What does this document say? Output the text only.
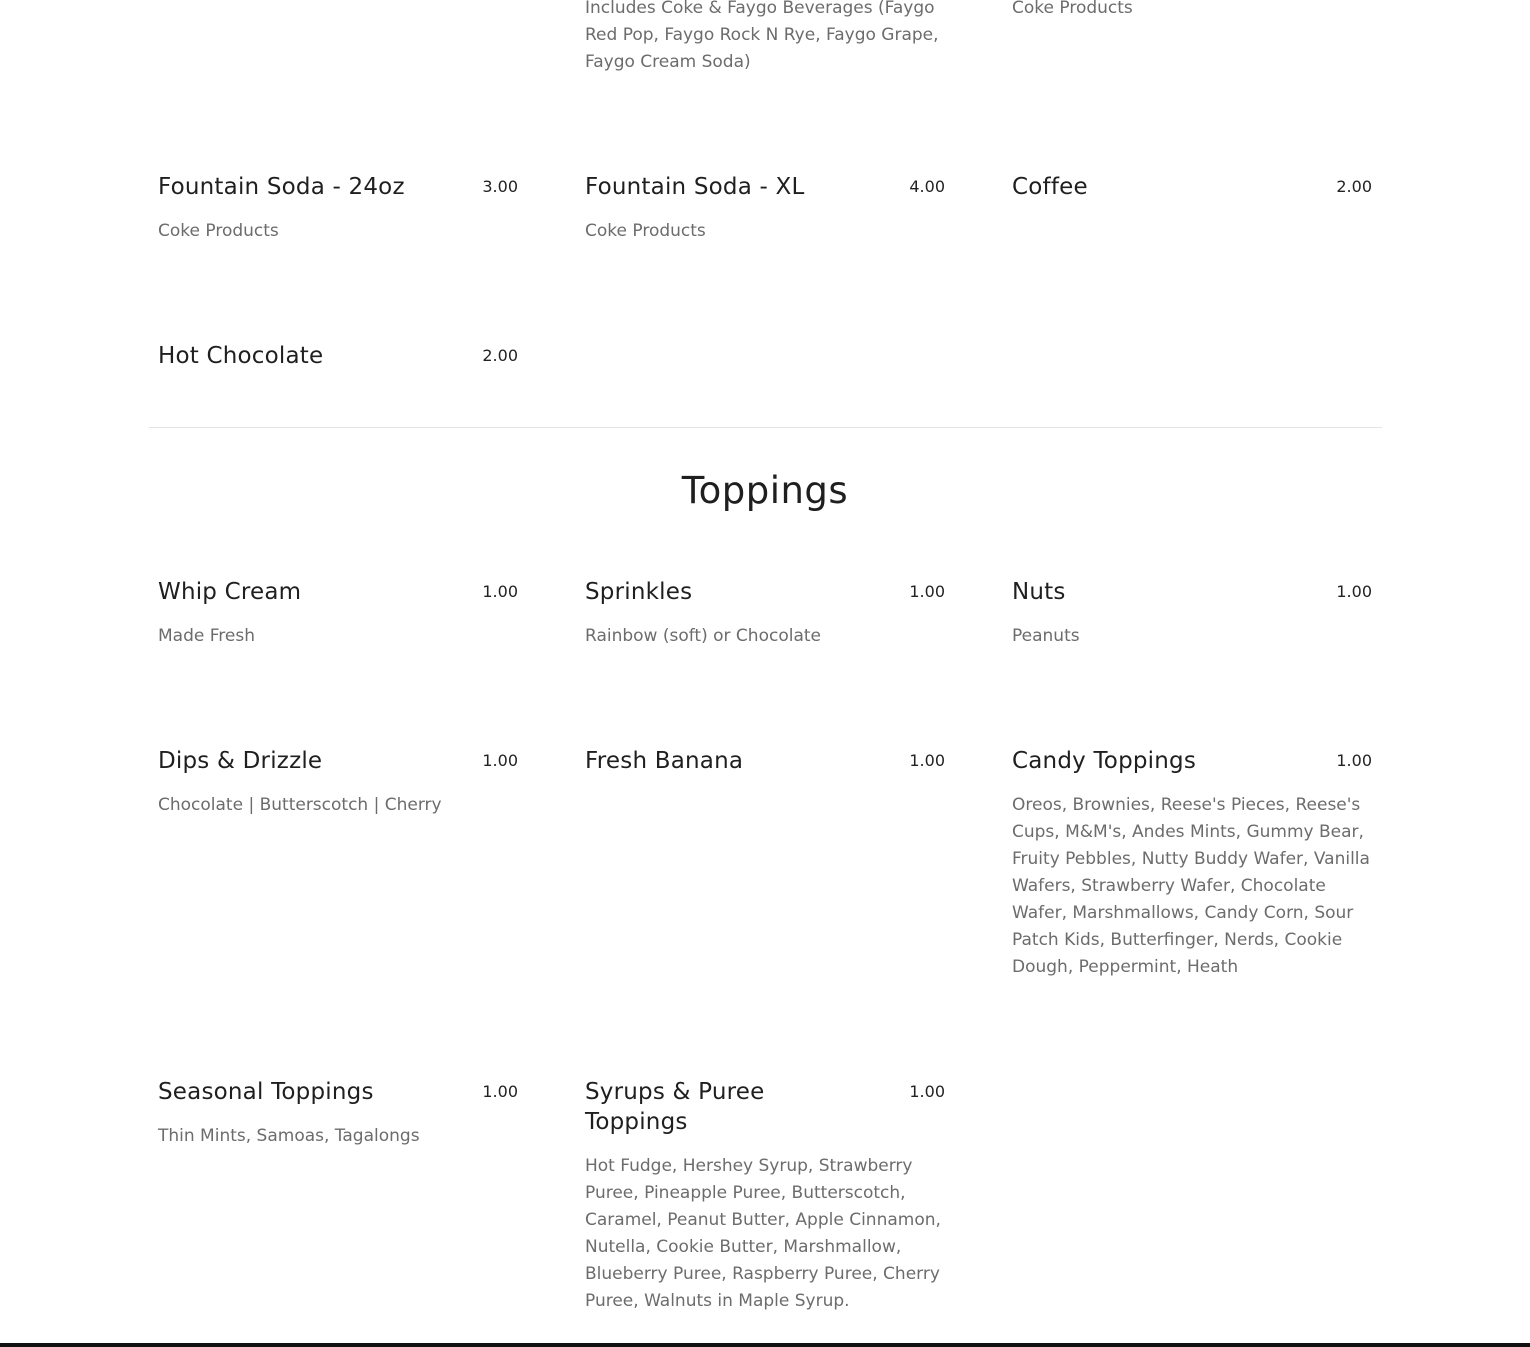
Includes Coke & Faygo Beverages (Faygo Red Pop, Faygo Rock N Rye, Faygo Grape, Faygo Cream Soda)
Coke Products
Fountain Soda - 24oz	3.00
Coke Products
Fountain Soda - XL	4.00
Coke Products
Coffee	2.00
Hot Chocolate	2.00
Toppings
Whip Cream	1.00
Made Fresh
Sprinkles	1.00
Rainbow (soft) or Chocolate
Nuts	1.00
Peanuts
Dips & Drizzle	1.00
Chocolate | Butterscotch | Cherry
Fresh Banana	1.00	Candy Toppings	1.00
Oreos, Brownies, Reese's Pieces, Reese's Cups, M&M's, Andes Mints, Gummy Bear, Fruity Pebbles, Nutty Buddy Wafer, Vanilla Wafers, Strawberry Wafer, Chocolate Wafer, Marshmallows, Candy Corn, Sour Patch Kids, Butterfinger, Nerds, Cookie Dough, Peppermint, Heath
Seasonal Toppings	1.00
Thin Mints, Samoas, Tagalongs
Syrups & Puree Toppings
1.00
Hot Fudge, Hershey Syrup, Strawberry Puree, Pineapple Puree, Butterscotch, Caramel, Peanut Butter, Apple Cinnamon, Nutella, Cookie Butter, Marshmallow, Blueberry Puree, Raspberry Puree, Cherry Puree, Walnuts in Maple Syrup.
